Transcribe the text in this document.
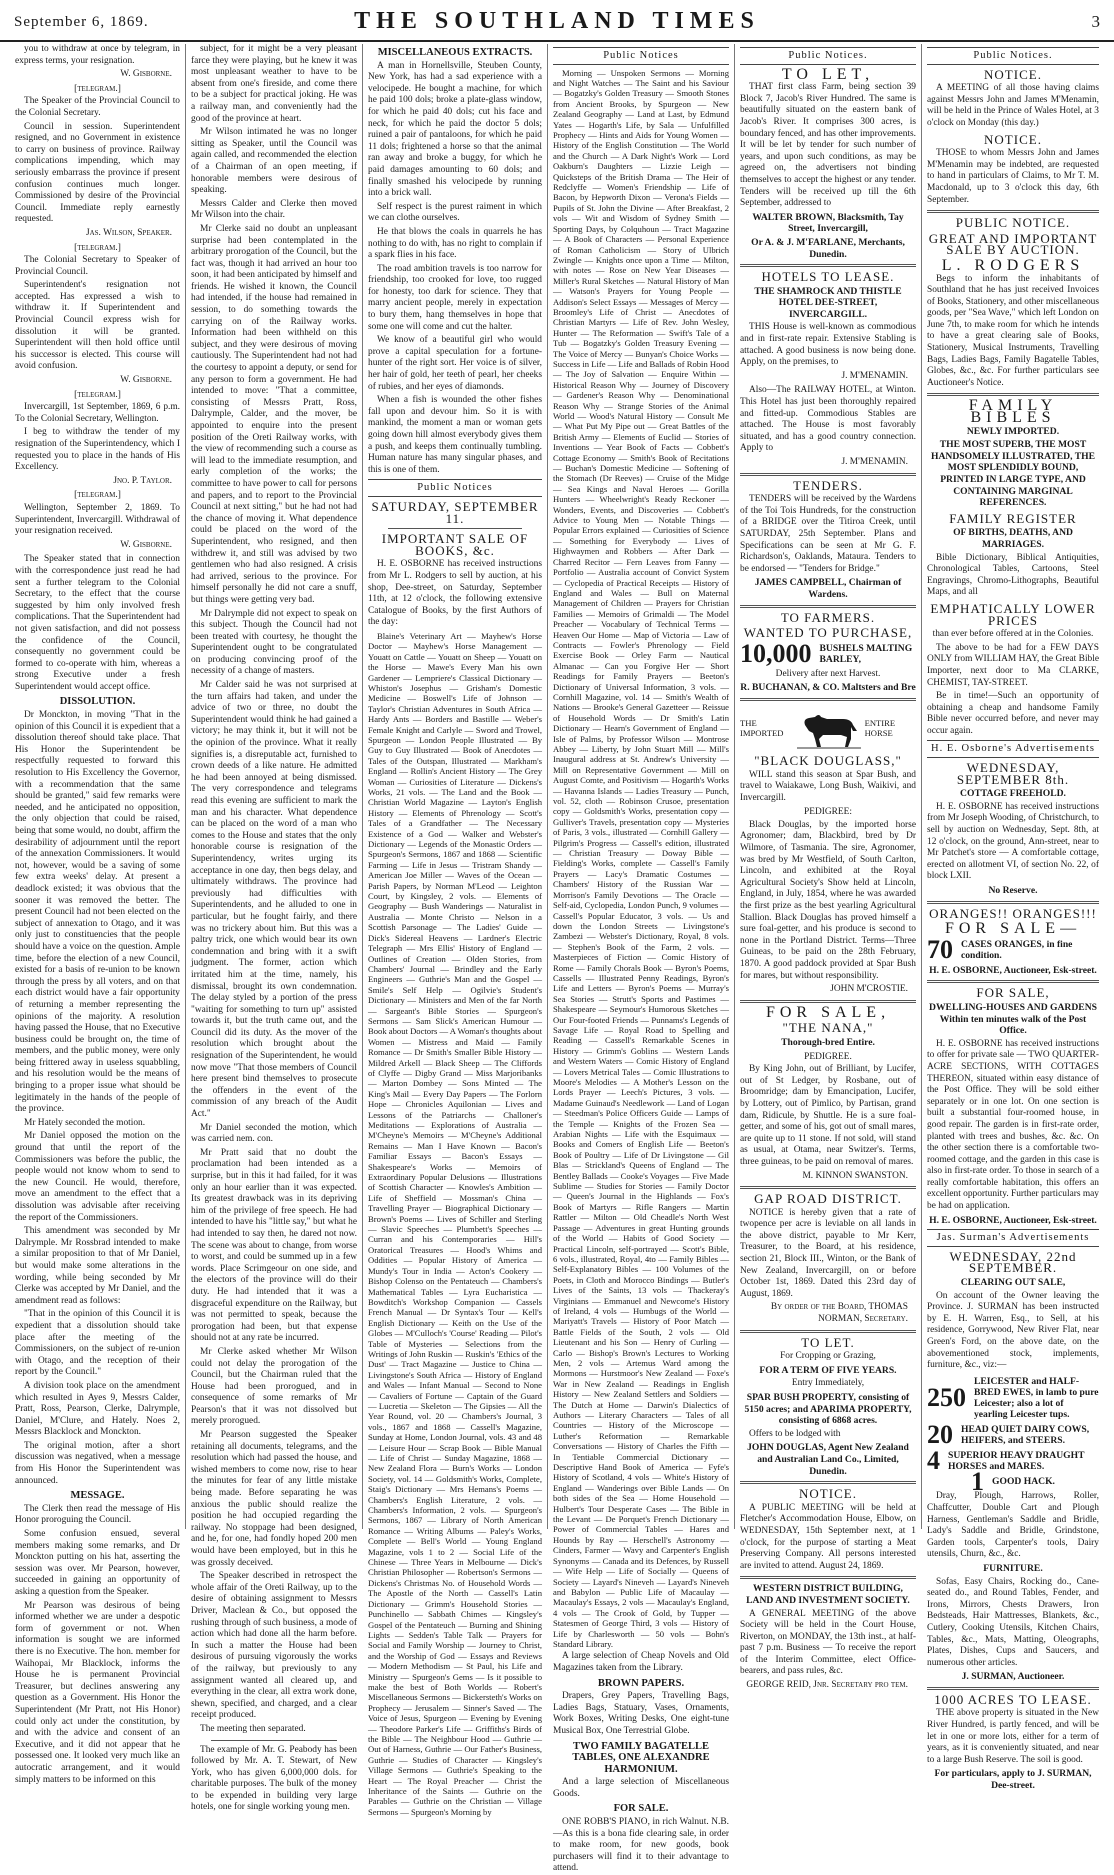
September 6, 1869.	THE SOUTHLAND TIMES	3

you to withdraw at once by telegram, in express terms, your resignation.

W. Gisborne.
[telegram.]

The Speaker of the Provincial Council to the Colonial Secretary.

Council in session. Superintendent resigned, and no Government in existence to carry on business of province. Railway complications impending, which may seriously embarrass the province if present confusion continues much longer. Commissioned by desire of the Provincial Council. Immediate reply earnestly requested.

Jas. Wilson, Speaker.
[telegram.]

The Colonial Secretary to Speaker of Provincial Council.

Superintendent's resignation not accepted. Has expressed a wish to withdraw it. If Superintendent and Provincial Council express wish for dissolution it will be granted. Superintendent will then hold office until his successor is elected. This course will avoid confusion.

W. Gisborne.
[telegram.]

Invercargill, 1st September, 1869, 6 p.m. To the Colonial Secretary, Wellington.

I beg to withdraw the tender of my resignation of the Superintendency, which I requested you to place in the hands of His Excellency.

Jno. P. Taylor.
[telegram.]

Wellington, September 2, 1869. To Superintendent, Invercargill. Withdrawal of your resignation received.

W. Gisborne.

The Speaker stated that in connection with the correspondence just read he had sent a further telegram to the Colonial Secretary, to the effect that the course suggested by him only involved fresh complications. That the Superintendent had not given satisfaction, and did not possess the confidence of the Council, consequently no government could be formed to co-operate with him, whereas a strong Executive under a fresh Superintendent would accept office.

DISSOLUTION.

Dr Monckton, in moving "That in the opinion of this Council it is expedient that a dissolution thereof should take place. That His Honor the Superintendent be respectfully requested to forward this resolution to His Excellency the Governor, with a recommendation that the same should be granted," said few remarks were needed, and he anticipated no opposition, the only objection that could be raised, being that some would, no doubt, affirm the desirability of adjournment until the report of the annexation Commissioners. It would not, however, would be a saving of some few extra weeks' delay. At present a deadlock existed; it was obvious that the sooner it was removed the better. The present Council had not been elected on the subject of annexation to Otago, and it was only just to constituencies that the people should have a voice on the question. Ample time, before the election of a new Council, existed for a basis of re-union to be known through the press by all voters, and on that each district would have a fair opportunity of returning a member representing the opinions of the majority. A resolution having passed the House, that no Executive business could be brought on, the time of members, and the public money, were only being frittered away in useless squabbling, and his resolution would be the means of bringing to a proper issue what should be legitimately in the hands of the people of the province.

Mr Hately seconded the motion.

Mr Daniel opposed the motion on the ground that until the report of the Commissioners was before the public, the people would not know whom to send to the new Council. He would, therefore, move an amendment to the effect that a dissolution was advisable after receiving the report of the Commissioners.

This amendment was seconded by Mr Dalrymple. Mr Rossbrad intended to make a similar proposition to that of Mr Daniel, but would make some alterations in the wording, while being seconded by Mr Clerke was accepted by Mr Daniel, and the amendment read as follows:

"That in the opinion of this Council it is expedient that a dissolution should take place after the meeting of the Commissioners, on the subject of re-union with Otago, and the reception of their report by the Council."

A division took place on the amendment which resulted in Ayes 9, Messrs Calder, Pratt, Ross, Pearson, Clerke, Dalrymple, Daniel, M'Clure, and Hately. Noes 2, Messrs Blacklock and Monckton.

The original motion, after a short discussion was negatived, when a message from His Honor the Superintendent was announced.

MESSAGE.

The Clerk then read the message of His Honor proroguing the Council.

Some confusion ensued, several members making some remarks, and Dr Monckton putting on his hat, asserting the session was over. Mr Pearson, however, succeeded in gaining an opportunity of asking a question from the Speaker.

Mr Pearson was desirous of being informed whether we are under a despotic form of government or not. When information is sought we are informed there is no Executive. The hon. member for Waihopai, Mr Blacklock, informs the House he is permanent Provincial Treasurer, but declines answering any question as a Government. His Honor the Superintendent (Mr Pratt, not His Honor) could only act under the constitution, by and with the advice and consent of an Executive, and it did not appear that he possessed one. It looked very much like an autocratic arrangement, and it would simply matters to be informed on this

subject, for it might be a very pleasant farce they were playing, but he knew it was most unpleasant weather to have to be absent from one's fireside, and come there to be a subject for practical joking. He was a railway man, and conveniently had the good of the province at heart.

Mr Wilson intimated he was no longer sitting as Speaker, until the Council was again called, and recommended the election of a Chairman of an open meeting, if honorable members were desirous of speaking.

Messrs Calder and Clerke then moved Mr Wilson into the chair.

Mr Clerke said no doubt an unpleasant surprise had been contemplated in the arbitrary prorogation of the Council, but the fact was, though it had arrived an hour too soon, it had been anticipated by himself and friends. He wished it known, the Council had intended, if the house had remained in session, to do something towards the carrying on of the Railway works. Information had been withheld on this subject, and they were desirous of moving cautiously. The Superintendent had not had the courtesy to appoint a deputy, or send for any person to form a government. He had intended to move: "That a committee, consisting of Messrs Pratt, Ross, Dalrymple, Calder, and the mover, be appointed to enquire into the present position of the Oreti Railway works, with the view of recommending such a course as will lead to the immediate resumption, and early completion of the works; the committee to have power to call for persons and papers, and to report to the Provincial Council at next sitting," but he had not had the chance of moving it. What dependence could be placed on the word of the Superintendent, who resigned, and then withdrew it, and still was advised by two gentlemen who had also resigned. A crisis had arrived, serious to the province. For himself personally he did not care a snuff, but things were getting very bad.

Mr Dalrymple did not expect to speak on this subject. Though the Council had not been treated with courtesy, he thought the Superintendent ought to be congratulated on producing convincing proof of the necessity of a change of masters.

Mr Calder said he was not surprised at the turn affairs had taken, and under the advice of two or three, no doubt the Superintendent would think he had gained a victory; he may think it, but it will not be the opinion of the province. What it really signifies is, a disreputable act, furnished to crown deeds of a like nature. He admitted he had been annoyed at being dismissed. The very correspondence and telegrams read this evening are sufficient to mark the man and his character. What dependence can be placed on the word of a man who comes to the House and states that the only honorable course is resignation of the Superintendency, writes urging its acceptance in one day, then begs delay, and ultimately withdraws. The province had previously had difficulties with Superintendents, and he alluded to one in particular, but he fought fairly, and there was no trickery about him. But this was a paltry trick, one which would bear its own condemnation and bring with it a swift judgment. The former, action which irritated him at the time, namely, his dismissal, brought its own condemnation. The delay styled by a portion of the press "waiting for something to turn up" assisted towards it, but the truth came out, and the Council did its duty. As the mover of the resolution which brought about the resignation of the Superintendent, he would now move "That those members of Council here present bind themselves to prosecute the offenders in the event of the commission of any breach of the Audit Act."

Mr Daniel seconded the motion, which was carried nem. con.

Mr Pratt said that no doubt the proclamation had been intended as a surprise, but in this it had failed, for it was only an hour earlier than it was expected. Its greatest drawback was in its depriving him of the privilege of free speech. He had intended to have his "little say," but what he had intended to say then, he dared not now. The scene was about to change, from worse to worst, and could be summed up in a few words. Place Scrimgeour on one side, and the electors of the province will do their duty. He had intended that it was a disgraceful expenditure on the Railway, but was not permitted to speak, because the prorogation had been, but that expense should not at any rate be incurred.

Mr Clerke asked whether Mr Wilson could not delay the prorogation of the Council, but the Chairman ruled that the House had been prorogued, and in consequence of some remarks of Mr Pearson's that it was not dissolved but merely prorogued.

Mr Pearson suggested the Speaker retaining all documents, telegrams, and the resolution which had passed the house, and wished members to come now, rise to hear the minutes for fear of any little mistake being made. Before separating he was anxious the public should realize the position he had occupied regarding the railway. No stoppage had been designed, and he, for one, had fondly hoped 200 men would have been employed, but in this he was grossly deceived.

The Speaker described in retrospect the whole affair of the Oreti Railway, up to the desire of obtaining assignment to Messrs Driver, Maclean & Co., but opposed the rushing through of such business, a mode of action which had done all the harm before. In such a matter the House had been desirous of pursuing vigorously the works of the railway, but previously to any assignment wanted all cleared up, and everything in the clear, all extra work done, shewn, specified, and charged, and a clear receipt produced.

The meeting then separated.

The example of Mr. G. Peabody has been followed by Mr. A. T. Stewart, of New York, who has given 6,000,000 dols. for charitable purposes. The bulk of the money to be expended in building very large hotels, one for single working young men.

MISCELLANEOUS EXTRACTS.

A man in Hornellsville, Steuben County, New York, has had a sad experience with a velocipede. He bought a machine, for which he paid 100 dols; broke a plate-glass window, for which he paid 40 dols; cut his face and neck, for which he paid the doctor 5 dols; ruined a pair of pantaloons, for which he paid 11 dols; frightened a horse so that the animal ran away and broke a buggy, for which he paid damages amounting to 60 dols; and finally smashed his velocipede by running into a brick wall.

Self respect is the purest raiment in which we can clothe ourselves.

He that blows the coals in quarrels he has nothing to do with, has no right to complain if a spark flies in his face.

The road ambition travels is too narrow for friendship, too crooked for love, too rugged for honesty, too dark for science. They that marry ancient people, merely in expectation to bury them, hang themselves in hope that some one will come and cut the halter.

We know of a beautiful girl who would prove a capital speculation for a fortune-hunter of the right sort. Her voice is of silver, her hair of gold, her teeth of pearl, her cheeks of rubies, and her eyes of diamonds.

When a fish is wounded the other fishes fall upon and devour him. So it is with mankind, the moment a man or woman gets going down hill almost everybody gives them a push, and keeps them continually tumbling. Human nature has many singular phases, and this is one of them.

Public Notices
SATURDAY, SEPTEMBER 11.
IMPORTANT SALE OF BOOKS, &c.

H. E. OSBORNE has received instructions from Mr L. Rodgers to sell by auction, at his shop, Dee-street, on Saturday, September 11th, at 12 o'clock, the following extensive Catalogue of Books, by the first Authors of the day:

Blaine's Veterinary Art — Mayhew's Horse Doctor — Mayhew's Horse Management — Youatt on Cattle — Youatt on Sheep — Youatt on the Horse — Mawe's Every Man his own Gardener — Lempriere's Classical Dictionary — Whiston's Josephus — Grisham's Domestic Medicine — Boswell's Life of Johnson — Taylor's Christian Adventures in South Africa — Hardy Ants — Borders and Bastille — Weber's Female Knight and Carlyle — Sword and Trowel, Spurgeon — London People Illustrated — By Guy to Guy Illustrated — Book of Anecdotes — Tales of the Outspan, Illustrated — Markham's England — Rollin's Ancient History — The Grey Woman — Curiosities of Literature — Dickens's Works, 21 vols. — The Land and the Book — Christian World Magazine — Layton's English History — Elements of Phrenology — Scott's Tales of a Grandfather — The Necessary Existence of a God — Walker and Webster's Dictionary — Legends of the Monastic Orders — Spurgeon's Sermons, 1867 and 1868 — Scientific Farming — Life in Jesus — Tristram Shandy — American Joe Miller — Waves of the Ocean — Parish Papers, by Norman M'Leod — Leighton Court, by Kingsley, 2 vols. — Elements of Geography — Bush Wanderings — Naturalist in Australia — Monte Christo — Nelson in a Scottish Parsonage — The Ladies' Guide — Dick's Sidereal Heavens — Lardner's Electric Telegraph — Mrs Ellis' History of England — Outlines of Creation — Olden Stories, from Chambers' Journal — Brindley and the Early Engineers — Guthrie's Man and the Gospel — Smile's Self Help — Ogilvie's Student's Dictionary — Ministers and Men of the far North — Sargeant's Bible Stories — Spurgeon's Sermons — Sam Slick's American Humour — Book about Doctors — A Woman's thoughts about Women — Mistress and Maid — Family Romance — Dr Smith's Smaller Bible History — Mildred Arkell — Black Sheep — The Cliffords of Clyffe — Digby Grand — Miss Marjoribanks — Marton Dombey — Sons Minted — The King's Mail — Every Day Papers — The Forlorn Hope — Chronicles Aquilonian — Lives and Lessons of the Patriarchs — Challoner's Meditations — Explorations of Australia — M'Cheyne's Memoirs — M'Cheyne's Additional Remains — Man I Have Known — Bacon's Familiar Essays — Bacon's Essays — Shakespeare's Works — Memoirs of Extraordinary Popular Delusions — Illustrations of Scottish Character — Knowles's Ambition — Life of Sheffield — Mossman's China — Travelling Prayer — Biographical Dictionary — Brown's Poems — Lives of Schiller and Sterling — Slavic Speeches — Plumbett's Speeches — Curran and his Contemporaries — Hill's Oratorical Treasures — Hood's Whims and Oddities — Popular History of America — Mundy's Tour in India — Acton's Cookery — Bishop Colenso on the Pentateuch — Chambers's Mathematical Tables — Lyra Eucharistica — Bowditch's Workshop Companion — Cassels French Manual — Dr Syntax's Tour — Kell's English Dictionary — Keith on the Use of the Globes — M'Culloch's 'Course' Reading — Pilot's Table of Mysteries — Selections from the Writings of John Ruskin — Ruskin's 'Ethics of the Dust' — Tract Magazine — Justice to China — Livingstone's South Africa — History of England and Wales — Infant Manual — Second to None — Cavaliers of Fortune — Captain of the Guard — Lucretia — Skeleton — The Gipsies — All the Year Round, vol. 20 — Chambers's Journal, 3 vols., 1867 and 1868 — Cassell's Magazine, Sunday at Home, London Journal, vols. 43 and 48 — Leisure Hour — Scrap Book — Bible Manual — Life of Christ — Sunday Magazine, 1868 — New Zealand Flora — Burn's Works — London Society, vol. 14 — Goldsmith's Works, Complete, Staig's Dictionary — Mrs Hemans's Poems — Chambers's English Literature, 2 vols. — Chambers's Information, 2 vols. — Spurgeon's Sermons, 1867 — Library of North American Romance — Writing Albums — Paley's Works, Complete — Bell's World — Young England Magazine, vols 1 to 2 — Social Life of the Chinese — Three Years in Melbourne — Dick's Christian Philosopher — Robertson's Sermons — Dickens's Christmas No. of Household Words — The Apostle of the North — Cassell's Latin Dictionary — Grimm's Household Stories — Punchinello — Sabbath Chimes — Kingsley's Gospel of the Pentateuch — Burning and Shining Lights — Sedden's Table Talk — Prayers for Social and Family Worship — Journey to Christ, and the Worship of God — Essays and Reviews — Modern Methodism — St Paul, his Life and Ministry — Spurgeon's Gems — Is it possible to make the best of Both Worlds — Robert's Miscellaneous Sermons — Bickersteth's Works on Prophecy — Jerusalem — Sinner's Saved — The Voice of Jesus, Spurgeon — Evening by Evening — Theodore Parker's Life — Griffiths's Birds of the Bible — The Neighbour Hood — Guthrie — Out of Harness, Guthrie — Our Father's Business, Guthrie — Studies of Character — Kingsley's Village Sermons — Guthrie's Speaking to the Heart — The Royal Preacher — Christ the Inheritance of the Saints — Guthrie on the Parables — Guthrie on the Christian — Village Sermons — Spurgeon's Morning by

Public Notices

Morning — Unspoken Sermons — Morning and Night Watches — The Saint and his Saviour — Bogatzky's Golden Treasury — Smooth Stones from Ancient Brooks, by Spurgeon — New Zealand Geography — Land at Last, by Edmund Yates — Hogarth's Life, by Sala — Unfulfilled Prophecy — Hints and Aids for Young Women — History of the English Constitution — The World and the Church — A Dark Night's Work — Lord Oakburn's Daughters — Lizzie Leigh — Quicksteps of the British Drama — The Heir of Redclyffe — Women's Friendship — Life of Bacon, by Hepworth Dixon — Verona's Fields — Pupils of St. John the Divine — After Breakfast, 2 vols — Wit and Wisdom of Sydney Smith — Sporting Days, by Colquhoun — Tract Magazine — A Book of Characters — Personal Experience of Roman Catholicism — Story of Ulbrich Zwingle — Knights once upon a Time — Milton, with notes — Rose on New Year Diseases — Miller's Rural Sketches — Natural History of Man — Watson's Prayers for Young People — Addison's Select Essays — Messages of Mercy — Broomley's Life of Christ — Anecdotes of Christian Martyrs — Life of Rev. John Wesley, Hunter — The Reformation — Swift's Tale of a Tub — Bogatzky's Golden Treasury Evening — The Voice of Mercy — Bunyan's Choice Works — Success in Life — Life and Ballads of Robin Hood — The Joy of Salvation — Enquire Within — Historical Reason Why — Journey of Discovery — Gardener's Reason Why — Denominational Reason Why — Strange Stories of the Animal World — Wood's Natural History — Consult Me — What Put My Pipe out — Great Battles of the British Army — Elements of Euclid — Stories of Inventions — Year Book of Facts — Cobbett's Cottage Economy — Smith's Book of Recitations — Buchan's Domestic Medicine — Softening of the Stomach (Dr Reeves) — Cruise of the Midge — Sea Kings and Naval Heroes — Gorilla Hunters — Wheelwright's Ready Reckoner — Wonders, Events, and Discoveries — Cobbett's Advice to Young Men — Notable Things — Popular Errors explained — Curiosities of Science — Something for Everybody — Lives of Highwaymen and Robbers — After Dark — Charred Recitor — Fern Leaves from Fanny — Portfolio — Australia account of Convict System — Cyclopedia of Practical Receipts — History of England and Wales — Bull on Maternal Management of Children — Prayers for Christian Families — Memoirs of Grimaldi — The Model Preacher — Vocabulary of Technical Terms — Heaven Our Home — Map of Victoria — Law of Contracts — Fowler's Phrenology — Field Exercise Book — Orley Farm — Nautical Almanac — Can you Forgive Her — Short Readings for Family Prayers — Beeton's Dictionary of Universal Information, 3 vols. — Cornhill Magazine, vol. 14 — Smith's Wealth of Nations — Brooke's General Gazetteer — Reissue of Household Words — Dr Smith's Latin Dictionary — Hearn's Government of England — Isle of Palms, by Professor Wilson — Montrose Abbey — Liberty, by John Stuart Mill — Mill's Inaugural address at St. Andrew's University — Mill on Representative Government — Mill on August Comte, and Positivism — Hogarth's Works — Havanna Islands — Ladies Treasury — Punch, vol. 52, cloth — Robinson Crusoe, presentation copy — Goldsmith's Works, presentation copy — Gulliver's Travels, presentation copy — Mysteries of Paris, 3 vols., illustrated — Cornhill Gallery — Pilgrim's Progress — Cassell's edition, illustrated — Christian Treasury — Doway Bible — Fielding's Works, complete — Cassell's Family Prayers — Lacy's Dramatic Costumes — Chambers' History of the Russian War — Morrison's Family Devotions — The Oracle — Self-aid, Cyclopedia, London Punch, 9 volumes — Cassell's Popular Educator, 3 vols. — Us and down the London Streets — Livingstone's Zambezi — Webster's Dictionary, Royal, 8 vols. — Stephen's Book of the Farm, 2 vols. — Masterpieces of Fiction — Comic History of Rome — Family Chorals Book — Byron's Poems, Cassells — Illustrated Penny Readings, Byron's Life and Letters — Byron's Poems — Murray's Sea Stories — Strutt's Sports and Pastimes — Shakespeare — Seymour's Humorous Sketches — Our Four-footed Friends — Punnams's Legends of Savage Life — Royal Road to Spelling and Reading — Cassell's Remarkable Scenes in History — Grimm's Goblins — Western Lands and Western Waters — Comic History of England — Lovers Metrical Tales — Comic Illustrations to Moore's Melodies — A Mother's Lesson on the Lords Prayer — Leech's Pictures, 3 vols. — Madame Guinaud's Needlework — Land of Logan — Steedman's Police Officers Guide — Lamps of the Temple — Knights of the Frozen Sea — Arabian Nights — Life with the Esquimaux — Books and Comers of English Life — Beeton's Book of Poultry — Life of Dr Livingstone — Gil Blas — Strickland's Queens of England — The Bentley Ballads — Cooke's Voyages — Five Made Sublime — Studies for Stories — Family Doctor — Queen's Journal in the Highlands — Fox's Book of Martyrs — Rifle Rangers — Martin Rattler — Milton — Old Cheadle's North West Passage — Adventures in great Hunting grounds of the World — Habits of Good Society — Practical Lincoln, self-portrayed — Scott's Bible, 6 vols., illustrated, Royal, 4to — Family Bibles — Self-Explanatory Bibles — 100 Volumes of the Poets, in Cloth and Morocco Bindings — Butler's Lives of the Saints, 13 vols — Thackeray's Virginians — Emmanuel and Newcome's History of Ireland, 4 vols — Humbugs of the World — Mariyatt's Travels — History of Poor Match — Battle Fields of the South, 2 vols — Old Lieutenant and his Son — Henry of Curling — Carlo — Bishop's Brown's Lectures to Working Men, 2 vols — Artemus Ward among the Mormons — Hurstmoor's New Zealand — Foxe's War in New Zealand — Readings in English History — New Zealand Settlers and Soldiers — The Dutch at Home — Darwin's Dialectics of Authors — Literary Characters — Tales of all Countries — History of the Microscope — Luther's Reformation — Remarkable Conversations — History of Charles the Fifth — In Tentiable Commercial Dictionary — Descriptive Hand Book of America — Fyfe's History of Scotland, 4 vols — White's History of England — Wanderings over Bible Lands — On both sides of the Sea — Home Household — Hulbert's Tour Desperate Cases — The Bible in the Levant — De Porquet's French Dictionary — Power of Commercial Tables — Hares and Hounds by Ray — Herschell's Astronomy — Cinders, Farmer — Wavy and Carpenter's English Synonyms — Canada and its Defences, by Russell — Wife Help — Life of Socially — Queens of Society — Layard's Nineveh — Layard's Nineveh and Babylon — Public Life of Macaulay — Macaulay's Essays, 2 vols — Macaulay's England, 4 vols — The Crook of Gold, by Tupper — Statesmen of George Third, 3 vols — History of Life by Charlesworth — 50 vols — Bohn's Standard Library.

A large selection of Cheap Novels and Old Magazines taken from the Library.

BROWN PAPERS.

Drapers, Grey Papers, Travelling Bags, Ladies Bags, Statuary, Vases, Ornaments, Work Boxes, Writing Desks, One eight-tune Musical Box, One Terrestrial Globe.

TWO FAMILY BAGATELLE TABLES, ONE ALEXANDRE HARMONIUM.

And a large selection of Miscellaneous Goods.

FOR SALE.

ONE ROBB'S PIANO, in rich Walnut. N.B.—As this is a bona fide clearing sale, in order to make room, for new goods, book purchasers will find it to their advantage to attend.

Public Notices.
TO LET,

THAT first class Farm, being section 39 Block 7, Jacob's River Hundred. The same is beautifully situated on the eastern bank of Jacob's River. It comprises 300 acres, is boundary fenced, and has other improvements. It will be let by tender for such number of years, and upon such conditions, as may be agreed on, the advertisers not binding themselves to accept the highest or any tender. Tenders will be received up till the 6th September, addressed to

WALTER BROWN, Blacksmith, Tay Street, Invercargill,
Or A. & J. M'FARLANE, Merchants, Dunedin.
HOTELS TO LEASE.
THE SHAMROCK AND THISTLE HOTEL DEE-STREET, INVERCARGILL.

THIS House is well-known as commodious and in first-rate repair. Extensive Stabling is attached. A good business is now being done. Apply, on the premises, to

J. M'MENAMIN.

Also—The RAILWAY HOTEL, at Winton. This Hotel has just been thoroughly repaired and fitted-up. Commodious Stables are attached. The House is most favorably situated, and has a good country connection. Apply to

J. M'MENAMIN.
TENDERS.

TENDERS will be received by the Wardens of the Toi Tois Hundreds, for the construction of a BRIDGE over the Titiroa Creek, until SATURDAY, 25th September. Plans and Specifications can be seen at Mr G. F. Richardson's, Oaklands, Mataura. Tenders to be endorsed — "Tenders for Bridge."

JAMES CAMPBELL, Chairman of Wardens.
TO FARMERS.
WANTED TO PURCHASE,
10,000 BUSHELS MALTING BARLEY,

Delivery after next Harvest.

R. BUCHANAN, & CO. Maltsters and Bre
THE IMPORTED
ENTIRE HORSE
"BLACK DOUGLASS,"

WILL stand this season at Spar Bush, and travel to Waiakawe, Long Bush, Waikivi, and Invercargill.

PEDIGREE:

Black Douglas, by the imported horse Agronomer; dam, Blackbird, bred by Dr Wilmore, of Tasmania. The sire, Agronomer, was bred by Mr Westfield, of South Carlton, Lincoln, and exhibited at the Royal Agricultural Society's Show held at Lincoln, England, in July, 1854, where he was awarded the first prize as the best yearling Agricultural Stallion. Black Douglas has proved himself a sure foal-getter, and his produce is second to none in the Portland District. Terms—Three Guineas, to be paid on the 28th February, 1870. A good paddock provided at Spar Bush for mares, but without responsibility.

JOHN M'CROSTIE.
FOR SALE,
"THE NANA,"
Thorough-bred Entire.
PEDIGREE.

By King John, out of Brilliant, by Lucifer, out of St Ledger, by Rosbane, out of Broomridge; dam by Emancipation, Lucifer, by Lottery, out of Pimlico, by Partisan, grand dam, Ridicule, by Shuttle. He is a sure foal-getter, and some of his, got out of small mares, are quite up to 11 stone. If not sold, will stand as usual, at Otama, near Switzer's. Terms, three guineas, to be paid on removal of mares.

M. KINNON SWANSTON.
GAP ROAD DISTRICT.

NOTICE is hereby given that a rate of twopence per acre is leviable on all lands in the above district, payable to Mr Kerr, Treasurer, to the Board, at his residence, section 21, Block III., Winton, or the Bank of New Zealand, Invercargill, on or before October 1st, 1869. Dated this 23rd day of August, 1869.

By order of the Board, THOMAS NORMAN, Secretary.
TO LET.

For Cropping or Grazing,

FOR A TERM OF FIVE YEARS.

Entry Immediately,

SPAR BUSH PROPERTY, consisting of 5150 acres; and APARIMA PROPERTY, consisting of 6868 acres.

Offers to be lodged with

JOHN DOUGLAS, Agent New Zealand and Australian Land Co., Limited, Dunedin.
NOTICE.

A PUBLIC MEETING will be held at Fletcher's Accommodation House, Elbow, on WEDNESDAY, 15th September next, at 1 o'clock, for the purpose of starting a Meat Preserving Company. All persons interested are invited to attend. August 24, 1869.

WESTERN DISTRICT BUILDING, LAND AND INVESTMENT SOCIETY.

A GENERAL MEETING of the above Society will be held in the Court House, Riverton, on MONDAY, the 13th inst., at half-past 7 p.m. Business — To receive the report of the Interim Committee, elect Office-bearers, and pass rules, &c.

GEORGE REID, Jnr. Secretary pro tem.
Public Notices.
NOTICE.

A MEETING of all those having claims against Messrs John and James M'Menamin, will be held in the Prince of Wales Hotel, at 3 o'clock on Monday (this day.)

NOTICE.

THOSE to whom Messrs John and James M'Menamin may be indebted, are requested to hand in particulars of Claims, to Mr T. M. Macdonald, up to 3 o'clock this day, 6th September.

PUBLIC NOTICE.
GREAT AND IMPORTANT SALE BY AUCTION.
L. RODGERS

Begs to inform the inhabitants of Southland that he has just received Invoices of Books, Stationery, and other miscellaneous goods, per "Sea Wave," which left London on June 7th, to make room for which he intends to have a great clearing sale of Books, Stationery, Musical Instruments, Travelling Bags, Ladies Bags, Family Bagatelle Tables, Globes, &c., &c. For further particulars see Auctioneer's Notice.

FAMILY BIBLES
NEWLY IMPORTED.
THE MOST SUPERB, THE MOST HANDSOMELY ILLUSTRATED, THE MOST SPLENDIDLY BOUND, PRINTED IN LARGE TYPE, AND CONTAINING MARGINAL REFERENCES.
FAMILY REGISTER
OF BIRTHS, DEATHS, AND MARRIAGES.

Bible Dictionary, Biblical Antiquities, Chronological Tables, Cartoons, Steel Engravings, Chromo-Lithographs, Beautiful Maps, and all

EMPHATICALLY LOWER PRICES

than ever before offered at in the Colonies.

The above to be had for a FEW DAYS ONLY from WILLIAM HAY, the Great Bible Importer, next door to Ma CLARKE, CHEMIST, TAY-STREET.

Be in time!—Such an opportunity of obtaining a cheap and handsome Family Bible never occurred before, and never may occur again.

H. E. Osborne's Advertisements
WEDNESDAY, SEPTEMBER 8th.
COTTAGE FREEHOLD.

H. E. OSBORNE has received instructions from Mr Joseph Wooding, of Christchurch, to sell by auction on Wednesday, Sept. 8th, at 12 o'clock, on the ground, Ann-street, near to Mr Patchet's store — A comfortable cottage, erected on allotment VI, of section No. 22, of block LXII.

No Reserve.
ORANGES!! ORANGES!!!
FOR SALE—
70 CASES ORANGES, in fine condition.
H. E. OSBORNE, Auctioneer, Esk-street.
FOR SALE,
DWELLING-HOUSES AND GARDENS Within ten minutes walk of the Post Office.

H. E. OSBORNE has received instructions to offer for private sale — TWO QUARTER-ACRE SECTIONS, WITH COTTAGES THEREON, situated within easy distance of the Post Office. They will be sold either separately or in one lot. On one section is built a substantial four-roomed house, in good repair. The garden is in first-rate order, planted with trees and bushes, &c. &c. On the other section there is a comfortable two-roomed cottage, and the garden in this case is also in first-rate order. To those in search of a really comfortable habitation, this offers an excellent opportunity. Further particulars may be had on application.

H. E. OSBORNE, Auctioneer, Esk-street.
Jas. Surman's Advertisements
WEDNESDAY, 22nd SEPTEMBER.
CLEARING OUT SALE,

On account of the Owner leaving the Province. J. SURMAN has been instructed by E. H. Warren, Esq., to Sell, at his residence, Gorrywood, New River Flat, near Green's Ford, on the above date, on the abovementioned stock, implements, furniture, &c., viz:—

250
LEICESTER and HALF-BRED EWES, in lamb to pure Leicester; also a lot of yearling Leicester tups.
20 HEAD QUIET DAIRY COWS, HEIFERS, and STEERS.
4 SUPERIOR HEAVY DRAUGHT HORSES and MARES.
1 GOOD HACK.

Dray, Plough, Harrows, Roller, Chaffcutter, Double Cart and Plough Harness, Gentleman's Saddle and Bridle, Lady's Saddle and Bridle, Grindstone, Garden tools, Carpenter's tools, Dairy utensils, Churn, &c., &c.

FURNITURE.

Sofas, Easy Chairs, Rocking do., Cane-seated do., and Round Tables, Fender, and Irons, Mirrors, Chests Drawers, Iron Bedsteads, Hair Mattresses, Blankets, &c., Cutlery, Cooking Utensils, Kitchen Chairs, Tables, &c., Mats, Matting, Oleographs, Plates, Dishes, Cups and Saucers, and numerous other articles.

J. SURMAN, Auctioneer.
1000 ACRES TO LEASE.

THE above property is situated in the New River Hundred, is partly fenced, and will be let in one or more lots, either for a term of years, as it is conveniently situated, and near to a large Bush Reserve. The soil is good.

For particulars, apply to J. SURMAN, Dee-street.
